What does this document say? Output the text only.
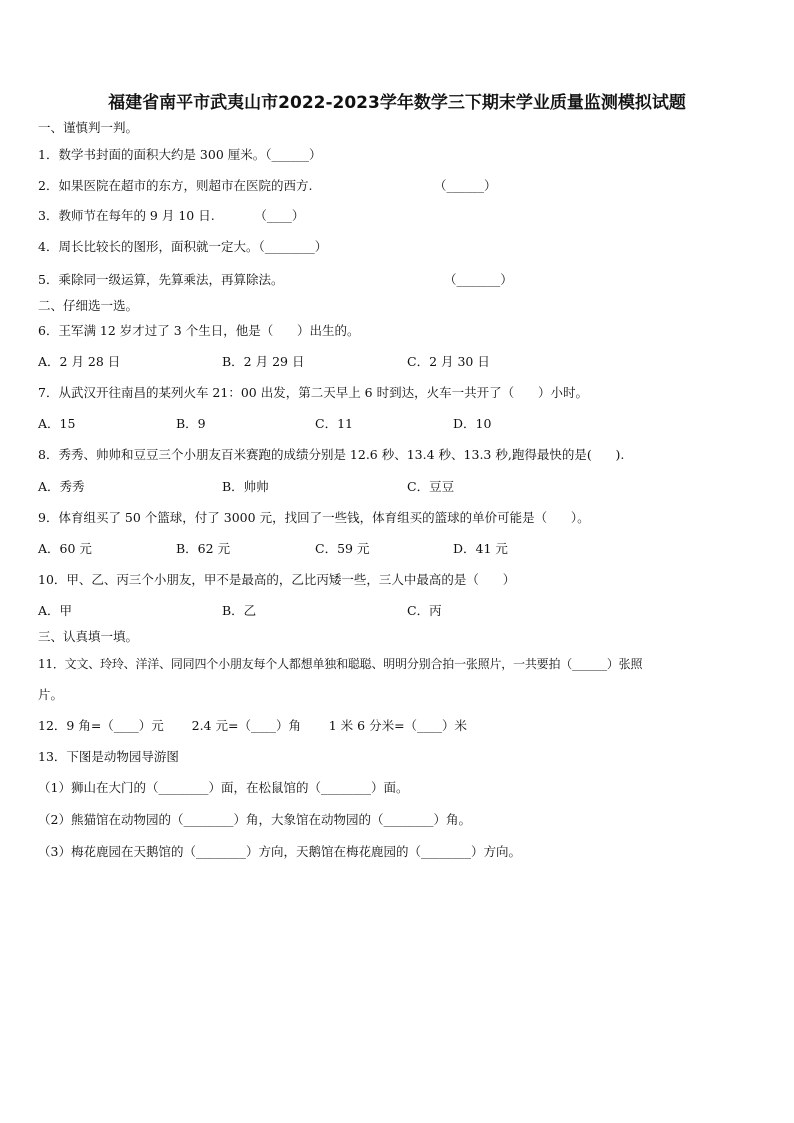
福建省南平市武夷山市2022-2023学年数学三下期末学业质量监测模拟试题
一、谨慎判一判。
1．数学书封面的面积大约是 300 厘米。（______）
2．如果医院在超市的东方，则超市在医院的西方.	（______）
3．教师节在每年的 9 月 10 日.          （____）
4．周长比较长的图形，面积就一定大。（________）
5．乘除同一级运算，先算乘法，再算除法。	（_______）
二、仔细选一选。
6．王军满 12 岁才过了 3 个生日，他是（      ）出生的。
A．2 月 28 日	B．2 月 29 日	C．2 月 30 日
7．从武汉开往南昌的某列火车 21：00 出发，第二天早上 6 时到达，火车一共开了（      ）小时。
A．15	B．9	C．11	D．10
8．秀秀、帅帅和豆豆三个小朋友百米赛跑的成绩分别是 12.6 秒、13.4 秒、13.3 秒,跑得最快的是(      ).
A．秀秀	B．帅帅	C．豆豆
9．体育组买了 50 个篮球，付了 3000 元，找回了一些钱，体育组买的篮球的单价可能是（      ）。
A．60 元	B．62 元	C．59 元	D．41 元
10．甲、乙、丙三个小朋友，甲不是最高的，乙比丙矮一些，三人中最高的是（      ）
A．甲	B．乙	C．丙
三、认真填一填。
11．文文、玲玲、洋洋、同同四个小朋友每个人都想单独和聪聪、明明分别合拍一张照片，一共要拍（______）张照
片。
12．9 角=（____）元       2.4 元=（____）角       1 米 6 分米=（____）米
13．下图是动物园导游图
（1）狮山在大门的（________）面，在松鼠馆的（________）面。
（2）熊猫馆在动物园的（________）角，大象馆在动物园的（________）角。
（3）梅花鹿园在天鹅馆的（________）方向，天鹅馆在梅花鹿园的（________）方向。
